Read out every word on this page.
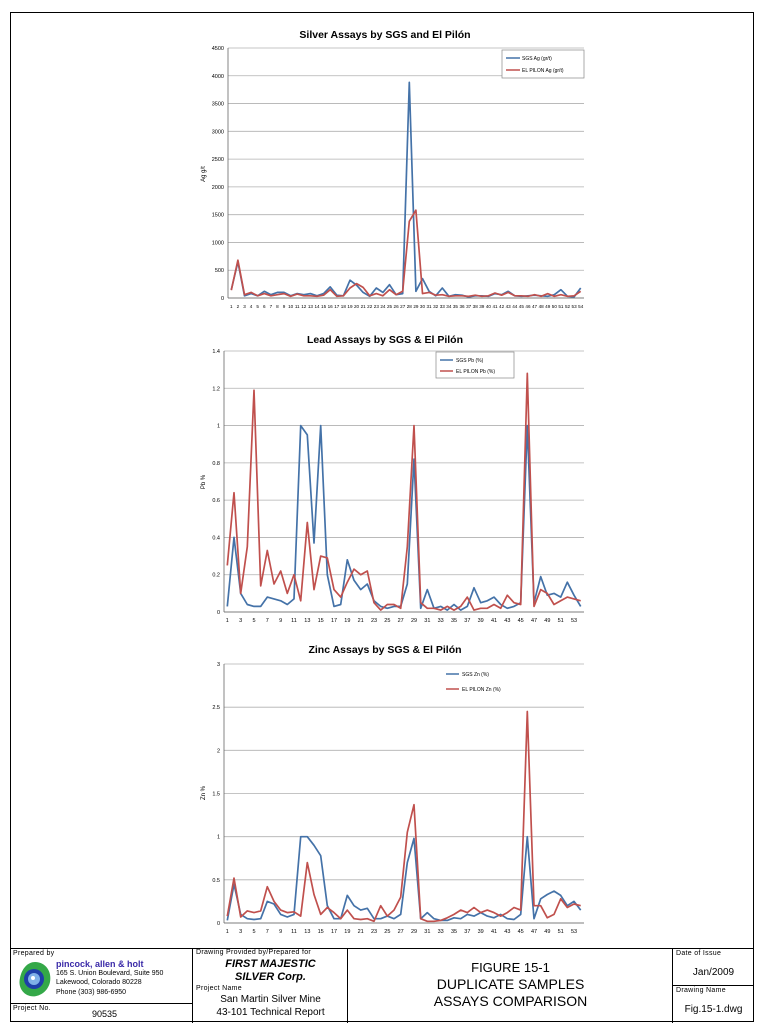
Silver Assays by SGS and El Pilón
Ag g/t
0
500
1000
1500
2000
2500
3000
3500
4000
4500
1 2 3 4 5 6 7 8 9 10 11 12 13 14 15 16 17 18 19 20 21 22 23 24 25 26 27 28 29 30 31 32 33 34 35 36 37 38 39 40 41 42 43 44 45 46 47 48 49 50 51 52 53 54
SGS Ag (gr/t)
EL PILON Ag (gr/t)
Lead Assays by SGS & El Pilón
Pb %
0
0.2
0.4
0.6
0.8
1
1.2
1.4
1 3 5 7 9 11 13 15 17 19 21 23 25 27 29 31 33 35 37 39 41 43 45 47 49 51 53
SGS Pb (%)
EL PILON Pb (%)
Zinc Assays by SGS & El Pilón
Zn %
0
0.5
1
1.5
2
2.5
3
1 3 5 7 9 11 13 15 17 19 21 23 25 27 29 31 33 35 37 39 41 43 45 47 49 51 53
SGS Zn (%)
EL PILON Zn (%)
Prepared by
pincock, allen & holt
165 S. Union Boulevard, Suite 950
Lakewood, Colorado 80228
Phone (303) 986-6950
Project No.
90535
Drawing Provided by/Prepared for
FIRST MAJESTIC
SILVER Corp.
Project Name
San Martin Silver Mine
43-101 Technical Report
FIGURE 15-1
DUPLICATE SAMPLES
ASSAYS COMPARISON
Date of Issue
Jan/2009
Drawing Name
Fig.15-1.dwg
